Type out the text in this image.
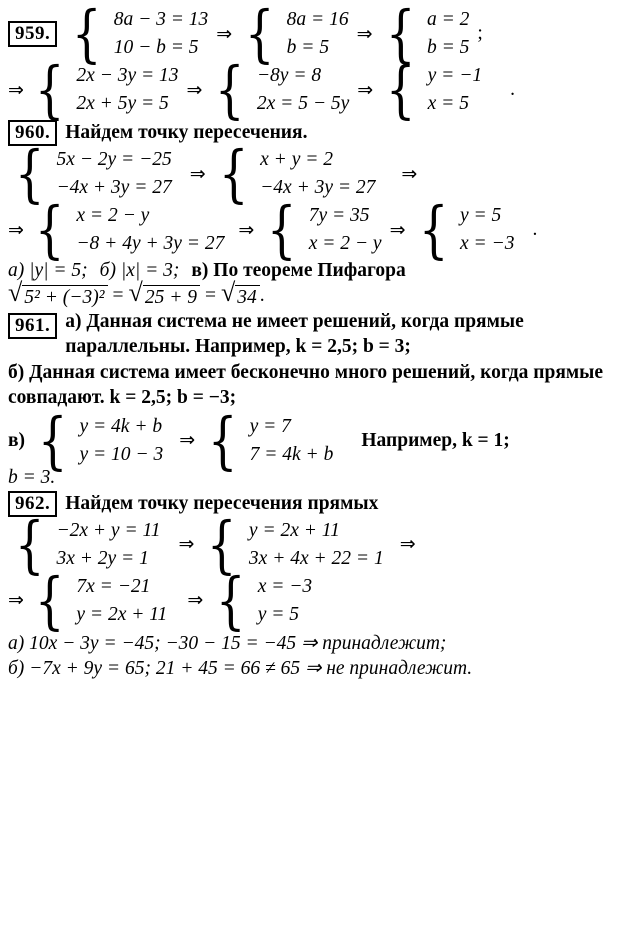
959. { 8a − 3 = 13
10 − b = 5
⇒ { 8a = 16
b = 5
⇒ { a = 2
b = 5
;
⇒ { 2x − 3y = 13
2x + 5y = 5
⇒ { −8y = 8
2x = 5 − 5y
⇒ { y = −1
x = 5
.
960. Найдем точку пересечения.
{ 5x − 2y = −25
−4x + 3y = 27
⇒ { x + y = 2
−4x + 3y = 27
⇒
⇒ { x = 2 − y
−8 + 4y + 3y = 27
⇒ { 7y = 35
x = 2 − y
⇒ { y = 5
x = −3
.
а) |y| = 5; б) |x| = 3; в) По теореме Пифагора
√ 5² + (−3)² = √ 25 + 9 = √ 34 .
961. а) Данная система не имеет решений, когда прямые параллельны. Например, k = 2,5; b = 3;
б) Данная система имеет бесконечно много решений, когда прямые совпадают. k = 2,5; b = −3;
в) { y = 4k + b
y = 10 − 3
⇒ { y = 7
7 = 4k + b
Например, k = 1;
b = 3.
962. Найдем точку пересечения прямых
{ −2x + y = 11
3x + 2y = 1
⇒ { y = 2x + 11
3x + 4x + 22 = 1
⇒
⇒ { 7x = −21
y = 2x + 11
⇒ { x = −3
y = 5
а) 10x − 3y = −45; −30 − 15 = −45 ⇒ принадлежит;
б) −7x + 9y = 65; 21 + 45 = 66 ≠ 65 ⇒ не принадлежит.
